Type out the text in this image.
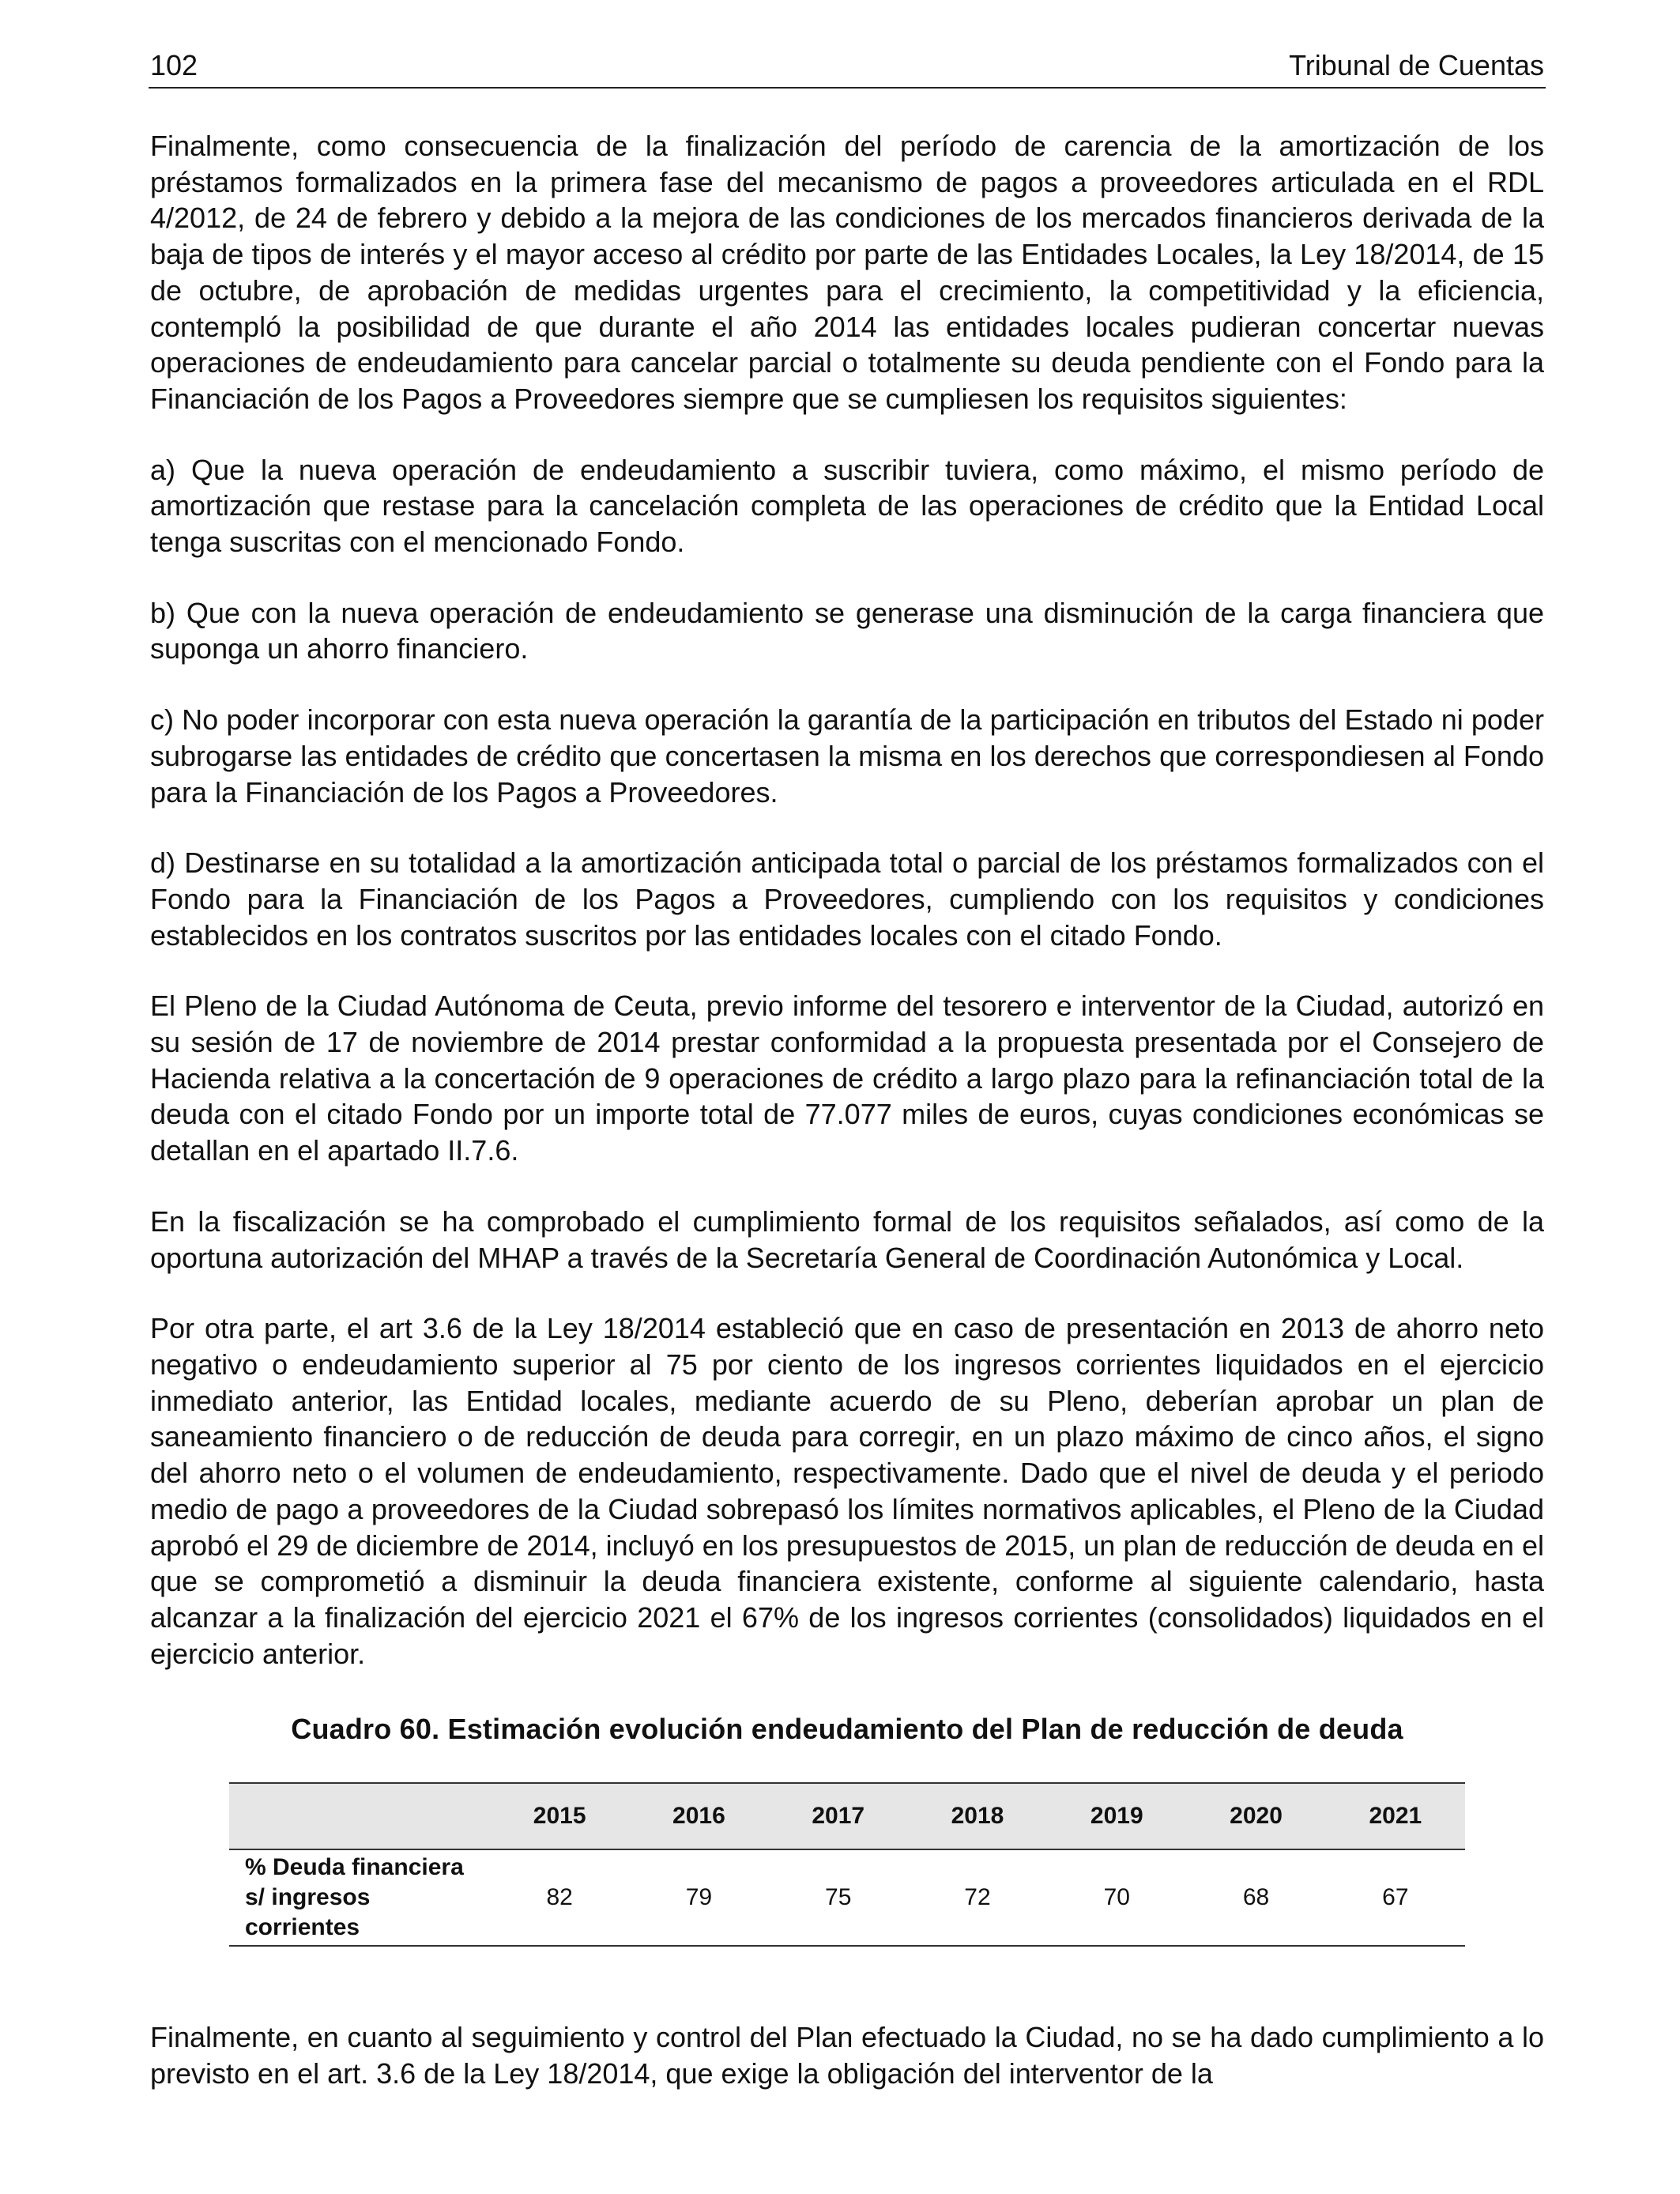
102	Tribunal de Cuentas

Finalmente, como consecuencia de la finalización del período de carencia de la amortización de los préstamos formalizados en la primera fase del mecanismo de pagos a proveedores articulada en el RDL 4/2012, de 24 de febrero y debido a la mejora de las condiciones de los mercados financieros derivada de la baja de tipos de interés y el mayor acceso al crédito por parte de las Entidades Locales, la Ley 18/2014, de 15 de octubre, de aprobación de medidas urgentes para el crecimiento, la competitividad y la eficiencia, contempló la posibilidad de que durante el año 2014 las entidades locales pudieran concertar nuevas operaciones de endeudamiento para cancelar parcial o totalmente su deuda pendiente con el Fondo para la Financiación de los Pagos a Proveedores siempre que se cumpliesen los requisitos siguientes:

a) Que la nueva operación de endeudamiento a suscribir tuviera, como máximo, el mismo período de amortización que restase para la cancelación completa de las operaciones de crédito que la Entidad Local tenga suscritas con el mencionado Fondo.

b) Que con la nueva operación de endeudamiento se generase una disminución de la carga financiera que suponga un ahorro financiero.

c) No poder incorporar con esta nueva operación la garantía de la participación en tributos del Estado ni poder subrogarse las entidades de crédito que concertasen la misma en los derechos que correspondiesen al Fondo para la Financiación de los Pagos a Proveedores.

d) Destinarse en su totalidad a la amortización anticipada total o parcial de los préstamos formalizados con el Fondo para la Financiación de los Pagos a Proveedores, cumpliendo con los requisitos y condiciones establecidos en los contratos suscritos por las entidades locales con el citado Fondo.

El Pleno de la Ciudad Autónoma de Ceuta, previo informe del tesorero e interventor de la Ciudad, autorizó en su sesión de 17 de noviembre de 2014 prestar conformidad a la propuesta presentada por el Consejero de Hacienda relativa a la concertación de 9 operaciones de crédito a largo plazo para la refinanciación total de la deuda con el citado Fondo por un importe total de 77.077 miles de euros, cuyas condiciones económicas se detallan en el apartado II.7.6.

En la fiscalización se ha comprobado el cumplimiento formal de los requisitos señalados, así como de la oportuna autorización del MHAP a través de la Secretaría General de Coordinación Autonómica y Local.

Por otra parte, el art 3.6 de la Ley 18/2014 estableció que en caso de presentación en 2013 de ahorro neto negativo o endeudamiento superior al 75 por ciento de los ingresos corrientes liquidados en el ejercicio inmediato anterior, las Entidad locales, mediante acuerdo de su Pleno, deberían aprobar un plan de saneamiento financiero o de reducción de deuda para corregir, en un plazo máximo de cinco años, el signo del ahorro neto o el volumen de endeudamiento, respectivamente. Dado que el nivel de deuda y el periodo medio de pago a proveedores de la Ciudad sobrepasó los límites normativos aplicables, el Pleno de la Ciudad aprobó el 29 de diciembre de 2014, incluyó en los presupuestos de 2015, un plan de reducción de deuda en el que se comprometió a disminuir la deuda financiera existente, conforme al siguiente calendario, hasta alcanzar a la finalización del ejercicio 2021 el 67% de los ingresos corrientes (consolidados) liquidados en el ejercicio anterior.

Cuadro 60. Estimación evolución endeudamiento del Plan de reducción de deuda
	2015	2016	2017	2018	2019	2020	2021
% Deuda financiera s/ ingresos corrientes	82	79	75	72	70	68	67

Finalmente, en cuanto al seguimiento y control del Plan efectuado la Ciudad, no se ha dado cumplimiento a lo previsto en el art. 3.6 de la Ley 18/2014, que exige la obligación del interventor de la
